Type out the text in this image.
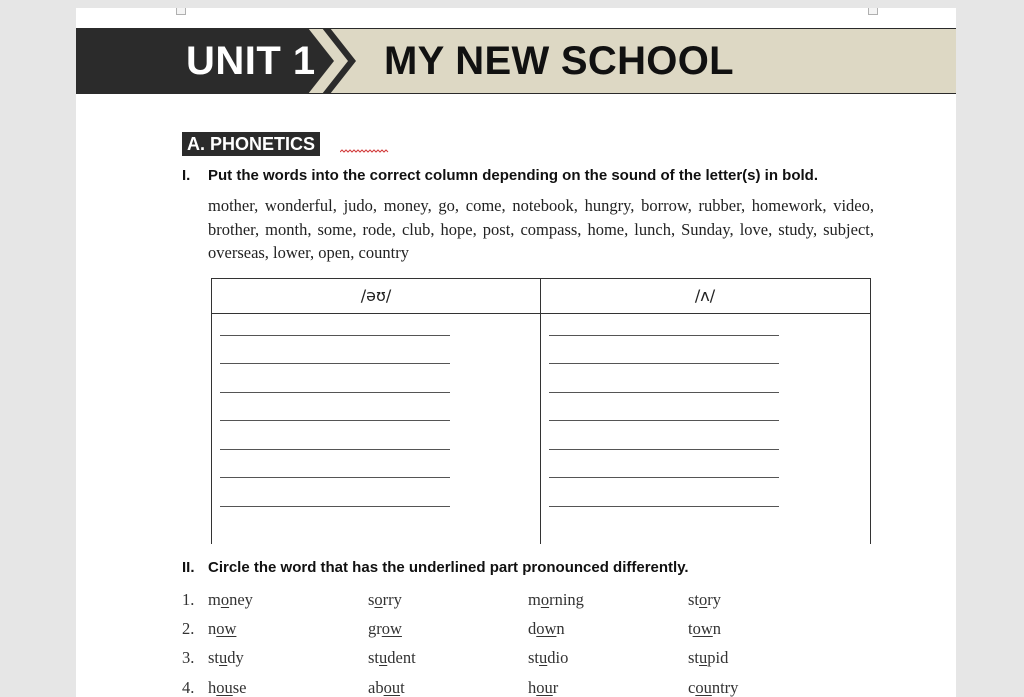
UNIT 1 MY NEW SCHOOL
A. PHONETICS
I. Put the words into the correct column depending on the sound of the letter(s) in bold.
mother, wonderful, judo, money, go, come, notebook, hungry, borrow, rubber, homework, video, brother, month, some, rode, club, hope, post, compass, home, lunch, Sunday, love, study, subject, overseas, lower, open, country
/əʊ/	/ʌ/
II. Circle the word that has the underlined part pronounced differently.
1. money	sorry	morning	story
2. now	grow	down	town
3. study	student	studio	stupid
4. house	about	hour	country
